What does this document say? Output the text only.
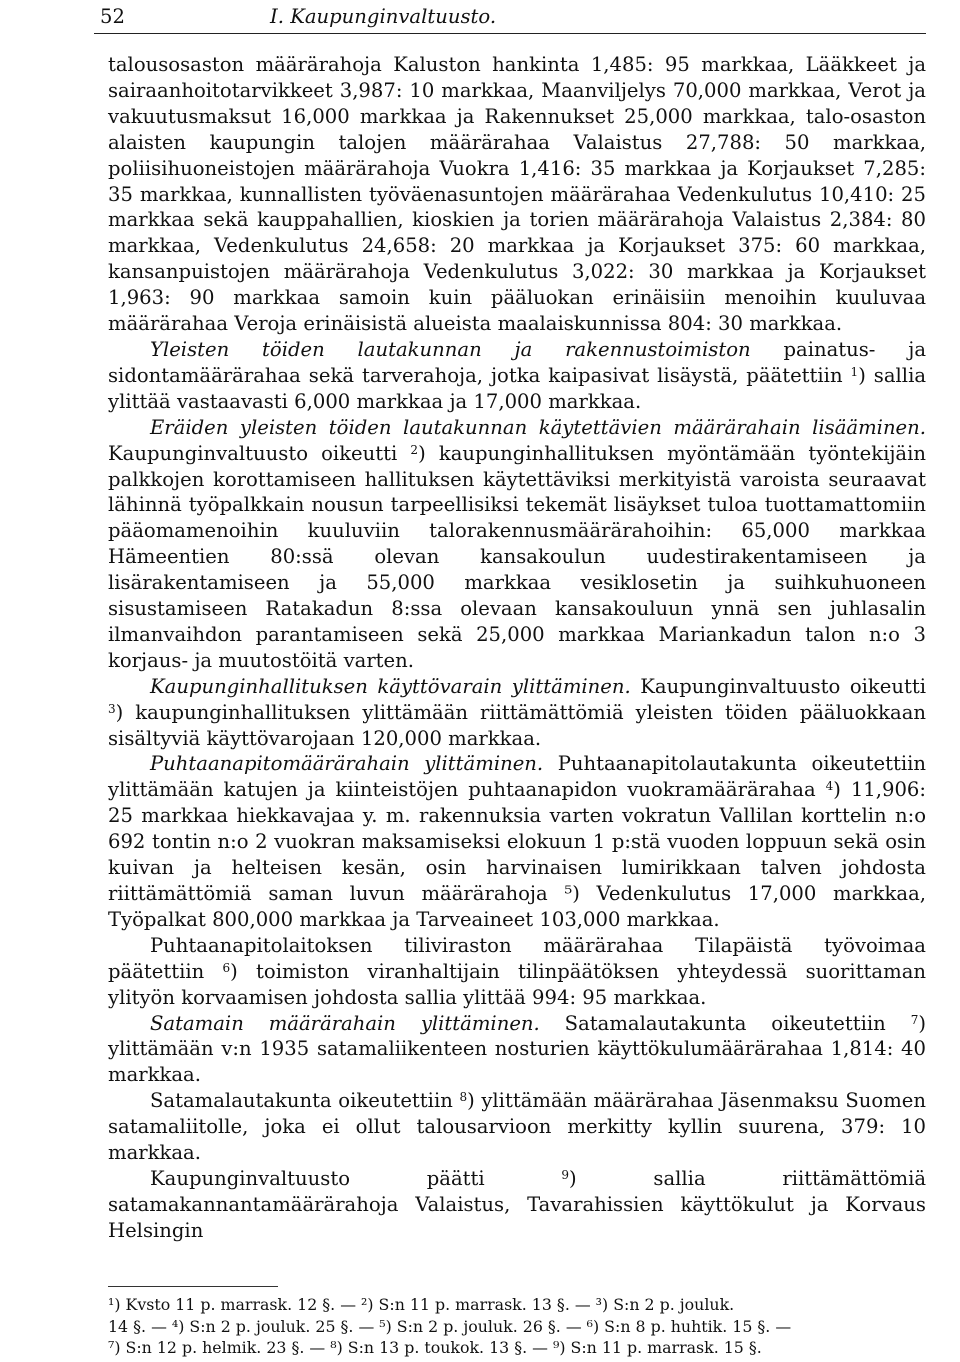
52	I. Kaupunginvaltuusto.

talousosaston määrärahoja Kaluston hankinta 1,485: 95 markkaa, Lääkkeet ja sairaanhoitotarvikkeet 3,987: 10 markkaa, Maanviljelys 70,000 markkaa, Verot ja vakuutusmaksut 16,000 markkaa ja Rakennukset 25,000 markkaa, talo-osaston alaisten kaupungin talojen määrärahaa Valaistus 27,788: 50 markkaa, poliisihuoneistojen määrärahoja Vuokra 1,416: 35 markkaa ja Korjaukset 7,285: 35 markkaa, kunnallisten työväenasuntojen määrärahaa Vedenkulutus 10,410: 25 markkaa sekä kauppahallien, kioskien ja torien määrärahoja Valaistus 2,384: 80 markkaa, Vedenkulutus 24,658: 20 markkaa ja Korjaukset 375: 60 markkaa, kansanpuistojen määrärahoja Vedenkulutus 3,022: 30 markkaa ja Korjaukset 1,963: 90 markkaa samoin kuin pääluokan erinäisiin menoihin kuuluvaa määrärahaa Veroja erinäisistä alueista maalaiskunnissa 804: 30 markkaa.

Yleisten töiden lautakunnan ja rakennustoimiston painatus- ja sidontamäärärahaa sekä tarverahoja, jotka kaipasivat lisäystä, päätettiin $^1$) sallia ylittää vastaavasti 6,000 markkaa ja 17,000 markkaa.

Eräiden yleisten töiden lautakunnan käytettävien määrärahain lisääminen. Kaupunginvaltuusto oikeutti $^2$) kaupunginhallituksen myöntämään työntekijäin palkkojen korottamiseen hallituksen käytettäviksi merkityistä varoista seuraavat lähinnä työpalkkain nousun tarpeellisiksi tekemät lisäykset tuloa tuottamattomiin pääomamenoihin kuuluviin talorakennusmäärärahoihin: 65,000 markkaa Hämeentien 80:ssä olevan kansakoulun uudestirakentamiseen ja lisärakentamiseen ja 55,000 markkaa vesiklosetin ja suihkuhuoneen sisustamiseen Ratakadun 8:ssa olevaan kansakouluun ynnä sen juhlasalin ilmanvaihdon parantamiseen sekä 25,000 markkaa Mariankadun talon n:o 3 korjaus- ja muutostöitä varten.

Kaupunginhallituksen käyttövarain ylittäminen. Kaupunginvaltuusto oikeutti $^3$) kaupunginhallituksen ylittämään riittämättömiä yleisten töiden pääluokkaan sisältyviä käyttövarojaan 120,000 markkaa.

Puhtaanapitomäärärahain ylittäminen. Puhtaanapitolautakunta oikeutettiin ylittämään katujen ja kiinteistöjen puhtaanapidon vuokramäärärahaa $^4$) 11,906: 25 markkaa hiekkavajaa y. m. rakennuksia varten vokratun Vallilan korttelin n:o 692 tontin n:o 2 vuokran maksamiseksi elokuun 1 p:stä vuoden loppuun sekä osin kuivan ja helteisen kesän, osin harvinaisen lumirikkaan talven johdosta riittämättömiä saman luvun määrärahoja ⁵) Vedenkulutus 17,000 markkaa, Työpalkat 800,000 markkaa ja Tarveaineet 103,000 markkaa.

Puhtaanapitolaitoksen tiliviraston määrärahaa Tilapäistä työvoimaa päätettiin $^6$) toimiston viranhaltijain tilinpäätöksen yhteydessä suorittaman ylityön korvaamisen johdosta sallia ylittää 994: 95 markkaa.

Satamain määrärahain ylittäminen. Satamalautakunta oikeutettiin $^7$) ylittämään v:n 1935 satamaliikenteen nosturien käyttökulumäärärahaa 1,814: 40 markkaa.

Satamalautakunta oikeutettiin $^8$) ylittämään määrärahaa Jäsenmaksu Suomen satamaliitolle, joka ei ollut talousarvioon merkitty kyllin suurena, 379: 10 markkaa.

Kaupunginvaltuusto päätti	$^9$) sallia riittämättömiä satamakannantamäärärahoja Valaistus, Tavarahissien käyttökulut ja Korvaus Helsingin

¹) Kvsto 11 p. marrask. 12 §. — ²) S:n 11 p. marrask. 13 §. — ³) S:n 2 p. jouluk.

14 §. — ⁴) S:n 2 p. jouluk. 25 §. — ⁵) S:n 2 p. jouluk. 26 §. — ⁶) S:n 8 p. huhtik. 15 §. —

⁷) S:n 12 p. helmik. 23 §. — ⁸) S:n 13 p. toukok. 13 §. — ⁹) S:n 11 p. marrask. 15 §.
